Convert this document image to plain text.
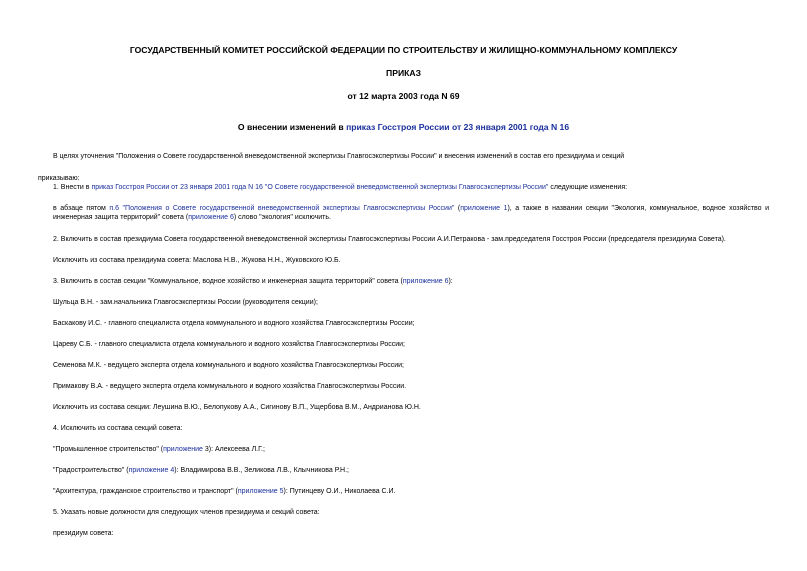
ГОСУДАРСТВЕННЫЙ КОМИТЕТ РОССИЙСКОЙ ФЕДЕРАЦИИ ПО СТРОИТЕЛЬСТВУ И ЖИЛИЩНО-КОММУНАЛЬНОМУ КОМПЛЕКСУ
ПРИКАЗ
от 12 марта 2003 года N 69
О внесении изменений в приказ Госстроя России от 23 января 2001 года N 16
В целях уточнения "Положения о Совете государственной вневедомственной экспертизы Главгосэкспертизы России" и внесения изменений в состав его президиума и секций
приказываю:
1. Внести в приказ Госстроя России от 23 января 2001 года N 16 "О Совете государственной вневедомственной экспертизы Главгосэкспертизы России" следующие изменения:
в абзаце пятом п.6 "Положения о Совете государственной вневедомственной экспертизы Главгосэкспертизы России" (приложение 1), а также в названии секции "Экология, коммунальное, водное хозяйство и инженерная защита территорий" совета (приложение 6) слово "экология" исключить.
2. Включить в состав президиума Совета государственной вневедомственной экспертизы Главгосэкспертизы России А.И.Петракова - зам.председателя Госстроя России (председателя президиума Совета).
Исключить из состава президиума совета: Маслова Н.В., Жукова Н.Н., Жуковского Ю.Б.
3. Включить в состав секции "Коммунальное, водное хозяйство и инженерная защита территорий" совета (приложение 6):
Шульца В.Н. - зам.начальника Главгосэкспертизы России (руководителя секции);
Баскакову И.С. - главного специалиста отдела коммунального и водного хозяйства Главгосэкспертизы России;
Цареву С.Б. - главного специалиста отдела коммунального и водного хозяйства Главгосэкспертизы России;
Семенова М.К. - ведущего эксперта отдела коммунального и водного хозяйства Главгосэкспертизы России;
Примакову В.А. - ведущего эксперта отдела коммунального и водного хозяйства Главгосэкспертизы России.
Исключить из состава секции: Леушина В.Ю., Белопукову А.А., Сигинову В.П., Ущербова В.М., Андрианова Ю.Н.
4. Исключить из состава секций совета:
"Промышленное строительство" (приложение 3): Алексеева Л.Г.;
"Градостроительство" (приложение 4): Владимирова В.В., Зеликова Л.В., Клычникова Р.Н.;
"Архитектура, гражданское строительство и транспорт" (приложение 5): Путинцеву О.И., Николаева С.И.
5. Указать новые должности для следующих членов президиума и секций совета:
президиум совета:
